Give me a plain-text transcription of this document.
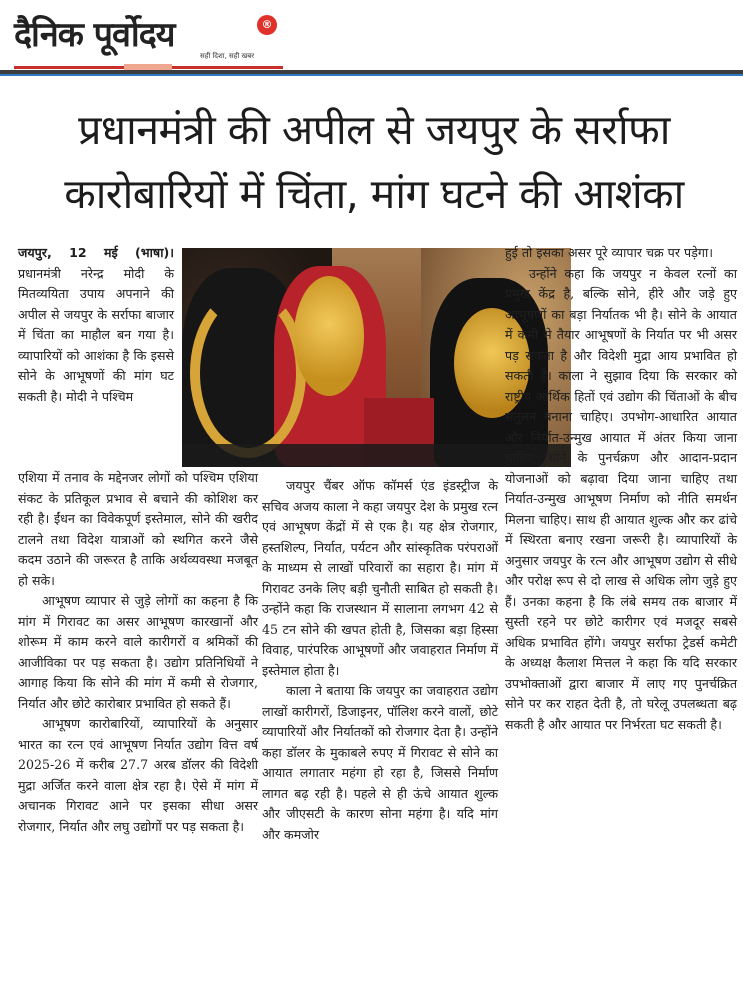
दैनिक पूर्वोदय	®
सही दिशा, सही खबर
प्रधानमंत्री की अपील से जयपुर के सर्राफा कारोबारियों में चिंता, मांग घटने की आशंका

जयपुर, 12 मई (भाषा)। प्रधानमंत्री नरेन्द्र मोदी के मितव्ययिता उपाय अपनाने की अपील से जयपुर के सर्राफा बाजार में चिंता का माहौल बन गया है। व्यापारियों को आशंका है कि इससे सोने के आभूषणों की मांग घट सकती है। मोदी ने पश्चिम

एशिया में तनाव के मद्देनजर लोगों को पश्चिम एशिया संकट के प्रतिकूल प्रभाव से बचाने की कोशिश कर रही है। ईंधन का विवेकपूर्ण इस्तेमाल, सोने की खरीद टालने तथा विदेश यात्राओं को स्थगित करने जैसे कदम उठाने की जरूरत है ताकि अर्थव्यवस्था मजबूत हो सके।

आभूषण व्यापार से जुड़े लोगों का कहना है कि मांग में गिरावट का असर आभूषण कारखानों और शोरूम में काम करने वाले कारीगरों व श्रमिकों की आजीविका पर पड़ सकता है। उद्योग प्रतिनिधियों ने आगाह किया कि सोने की मांग में कमी से रोजगार, निर्यात और छोटे कारोबार प्रभावित हो सकते हैं।

आभूषण कारोबारियों, व्यापारियों के अनुसार भारत का रत्न एवं आभूषण निर्यात उद्योग वित्त वर्ष 2025-26 में करीब 27.7 अरब डॉलर की विदेशी मुद्रा अर्जित करने वाला क्षेत्र रहा है। ऐसे में मांग में अचानक गिरावट आने पर इसका सीधा असर रोजगार, निर्यात और लघु उद्योगों पर पड़ सकता है।

जयपुर चैंबर ऑफ कॉमर्स एंड इंडस्ट्रीज के सचिव अजय काला ने कहा जयपुर देश के प्रमुख रत्न एवं आभूषण केंद्रों में से एक है। यह क्षेत्र रोजगार, हस्तशिल्प, निर्यात, पर्यटन और सांस्कृतिक परंपराओं के माध्यम से लाखों परिवारों का सहारा है। मांग में गिरावट उनके लिए बड़ी चुनौती साबित हो सकती है। उन्होंने कहा कि राजस्थान में सालाना लगभग 42 से 45 टन सोने की खपत होती है, जिसका बड़ा हिस्सा विवाह, पारंपरिक आभूषणों और जवाहरात निर्माण में इस्तेमाल होता है।

काला ने बताया कि जयपुर का जवाहरात उद्योग लाखों कारीगरों, डिजाइनर, पॉलिश करने वालों, छोटे व्यापारियों और निर्यातकों को रोजगार देता है। उन्होंने कहा डॉलर के मुकाबले रुपए में गिरावट से सोने का आयात लगातार महंगा हो रहा है, जिससे निर्माण लागत बढ़ रही है। पहले से ही ऊंचे आयात शुल्क और जीएसटी के कारण सोना महंगा है। यदि मांग और कमजोर

हुई तो इसका असर पूरे व्यापार चक्र पर पड़ेगा।

उन्होंने कहा कि जयपुर न केवल रत्नों का प्रमुख केंद्र है, बल्कि सोने, हीरे और जड़े हुए आभूषणों का बड़ा निर्यातक भी है। सोने के आयात में कमी से तैयार आभूषणों के निर्यात पर भी असर पड़ सकता है और विदेशी मुद्रा आय प्रभावित हो सकती है। काला ने सुझाव दिया कि सरकार को राष्ट्रीय आर्थिक हितों एवं उद्योग की चिंताओं के बीच संतुलन बनाना चाहिए। उपभोग-आधारित आयात और निर्यात-उन्मुख आयात में अंतर किया जाना चाहिए, सोने के पुनर्चक्रण और आदान-प्रदान योजनाओं को बढ़ावा दिया जाना चाहिए तथा निर्यात-उन्मुख आभूषण निर्माण को नीति समर्थन मिलना चाहिए। साथ ही आयात शुल्क और कर ढांचे में स्थिरता बनाए रखना जरूरी है। व्यापारियों के अनुसार जयपुर के रत्न और आभूषण उद्योग से सीधे और परोक्ष रूप से दो लाख से अधिक लोग जुड़े हुए हैं। उनका कहना है कि लंबे समय तक बाजार में सुस्ती रहने पर छोटे कारीगर एवं मजदूर सबसे अधिक प्रभावित होंगे। जयपुर सर्राफा ट्रेडर्स कमेटी के अध्यक्ष कैलाश मित्तल ने कहा कि यदि सरकार उपभोक्ताओं द्वारा बाजार में लाए गए पुनर्चक्रित सोने पर कर राहत देती है, तो घरेलू उपलब्धता बढ़ सकती है और आयात पर निर्भरता घट सकती है।
